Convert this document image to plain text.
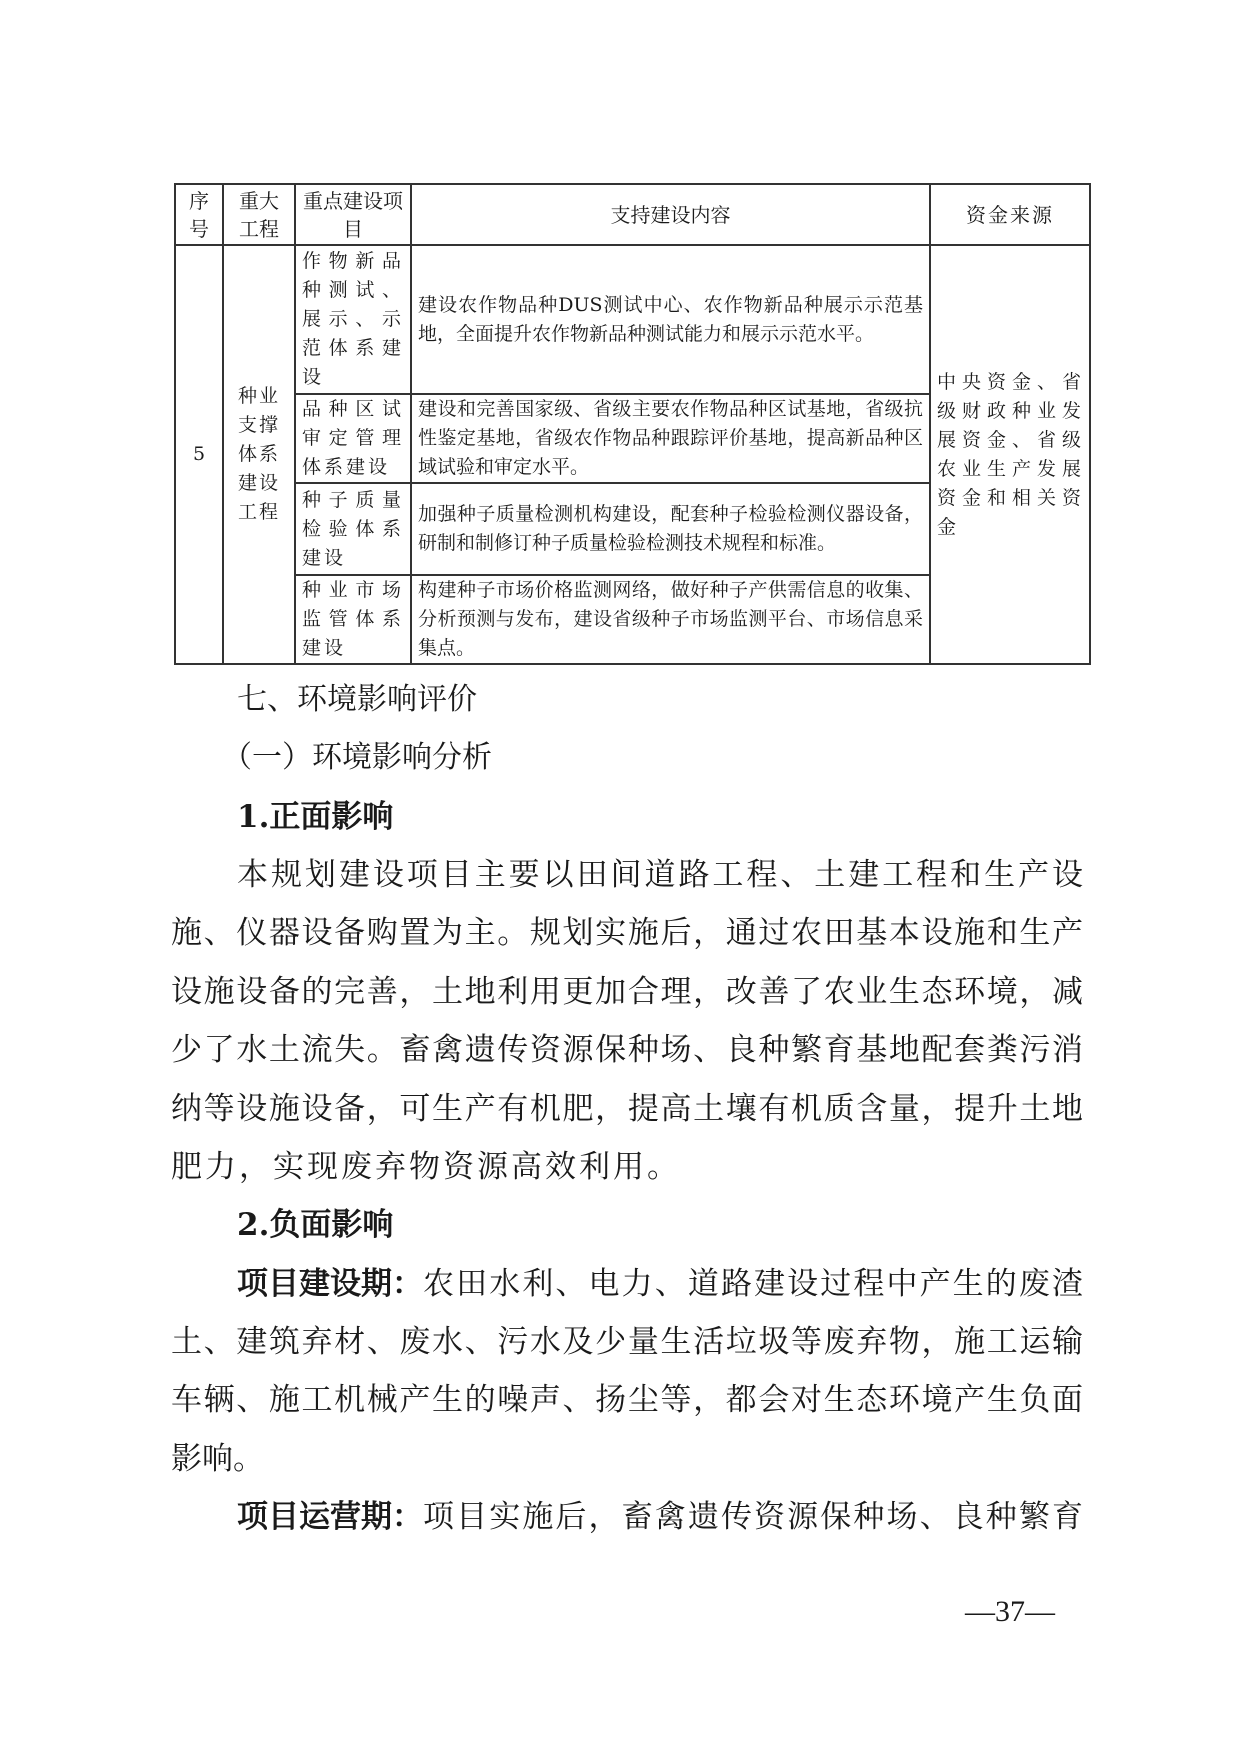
序号	重大工程	重点建设项目	支持建设内容	资金来源
5	种业支撑体系建设工程	作物新品种测试、展示、示范体系建设	建设农作物品种DUS测试中心、农作物新品种展示示范基地，全面提升农作物新品种测试能力和展示示范水平。	中央资金、省级财政种业发展资金、省级农业生产发展资金和相关资金
		品种区试审定管理体系建设	建设和完善国家级、省级主要农作物品种区试基地，省级抗性鉴定基地，省级农作物品种跟踪评价基地，提高新品种区域试验和审定水平。	
		种子质量检验体系建设	加强种子质量检测机构建设，配套种子检验检测仪器设备，研制和制修订种子质量检验检测技术规程和标准。	
		种业市场监管体系建设	构建种子市场价格监测网络，做好种子产供需信息的收集、分析预测与发布，建设省级种子市场监测平台、市场信息采集点。	
七、环境影响评价
（一）环境影响分析
1.正面影响
本规划建设项目主要以田间道路工程、土建工程和生产设
施、仪器设备购置为主。规划实施后，通过农田基本设施和生产
设施设备的完善，土地利用更加合理，改善了农业生态环境，减
少了水土流失。畜禽遗传资源保种场、良种繁育基地配套粪污消
纳等设施设备，可生产有机肥，提高土壤有机质含量，提升土地
肥力，实现废弃物资源高效利用。
2.负面影响
项目建设期： 农田水利、电力、道路建设过程中产生的废渣
土、建筑弃材、废水、污水及少量生活垃圾等废弃物，施工运输
车辆、施工机械产生的噪声、扬尘等，都会对生态环境产生负面
影响。
项目运营期： 项目实施后，畜禽遗传资源保种场、良种繁育
—37—
